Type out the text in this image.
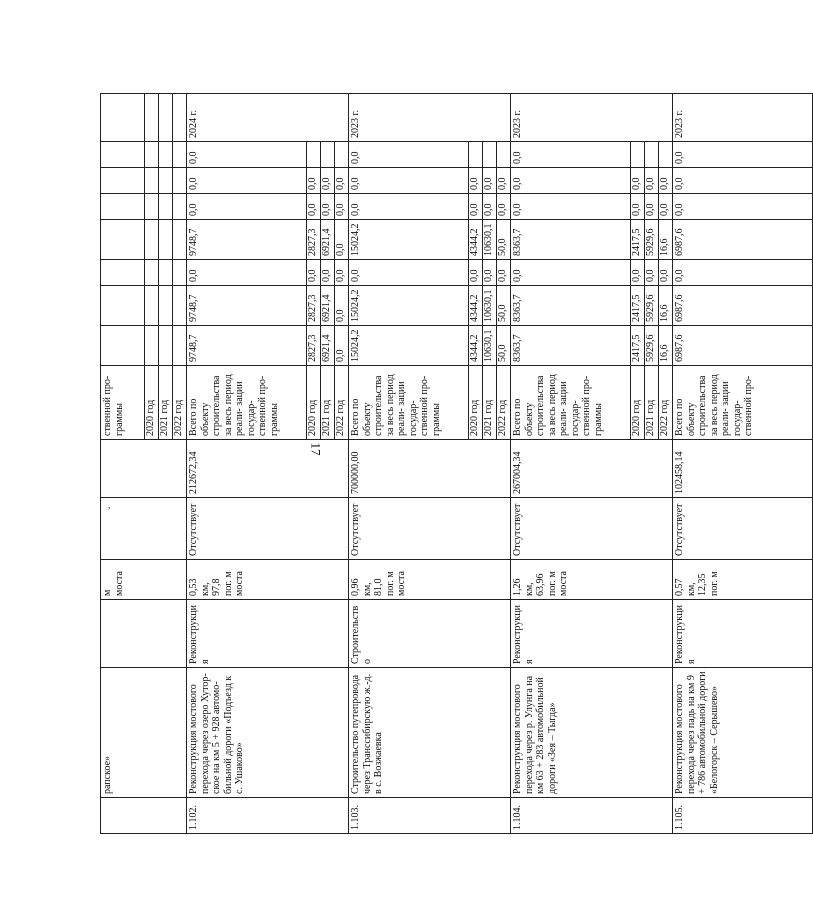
17
,
	рапское»		м моста			ственной про- граммы								
						2020 год								
						2021 год								
						2022 год								
1.102.	Реконструкция мостового перехода через озеро Хутор- ское на км 5 + 928 автомо- бильной дороги «Подъезд к с. Ушаково»	Реконструкция	0,53 км, 97,8 пог. м моста	Отсутствует	212672,34	Всего по объекту строительства за весь период реали- зации государ- ственной про- граммы	9748,7	9748,7	0,0	9748,7	0,0	0,0	0,0	2024 г.
						2020 год	2827,3	2827,3	0,0	2827,3	0,0	0,0		
						2021 год	6921,4	6921,4	0,0	6921,4	0,0	0,0		
						2022 год	0,0	0,0	0,0	0,0	0,0	0,0		
1.103.	Строительство путепровода через Транссибирскую ж.-д. в с. Возжаевка	Строительство	0,96 км, 81,0 пог. м моста	Отсутствует	700000,00	Всего по объекту строительства за весь период реали- зации государ- ственной про- граммы	15024,2	15024,2	0,0	15024,2	0,0	0,0	0,0	2023 г.
						2020 год	4344,2	4344,2	0,0	4344,2	0,0	0,0		
						2021 год	10630,1	10630,1	0,0	10630,1	0,0	0,0		
						2022 год	50,0	50,0	0,0	50,0	0,0	0,0		
1.104.	Реконструкция мостового перехода через р. Улунга на км 63 + 283 автомобильной дороги «Зея – Тыгда»	Реконструкция	1,26 км, 63,96 пог. м моста	Отсутствует	267004,34	Всего по объекту строительства за весь период реали- зации государ- ственной про- граммы	8363,7	8363,7	0,0	8363,7	0,0	0,0	0,0	2023 г.
						2020 год	2417,5	2417,5	0,0	2417,5	0,0	0,0		
						2021 год	5929,6	5929,6	0,0	5929,6	0,0	0,0		
						2022 год	16,6	16,6	0,0	16,6	0,0	0,0		
1.105.	Реконструкция мостового перехода через падь на км 9 + 786 автомобильной дороги «Белогорск – Серышево»	Реконструкция	0,57 км, 12,35 пог. м	Отсутствует	102458,14	Всего по объекту строительства за весь период реали- зации государ- ственной про-	6987,6	6987,6	0,0	6987,6	0,0	0,0	0,0	2023 г.
